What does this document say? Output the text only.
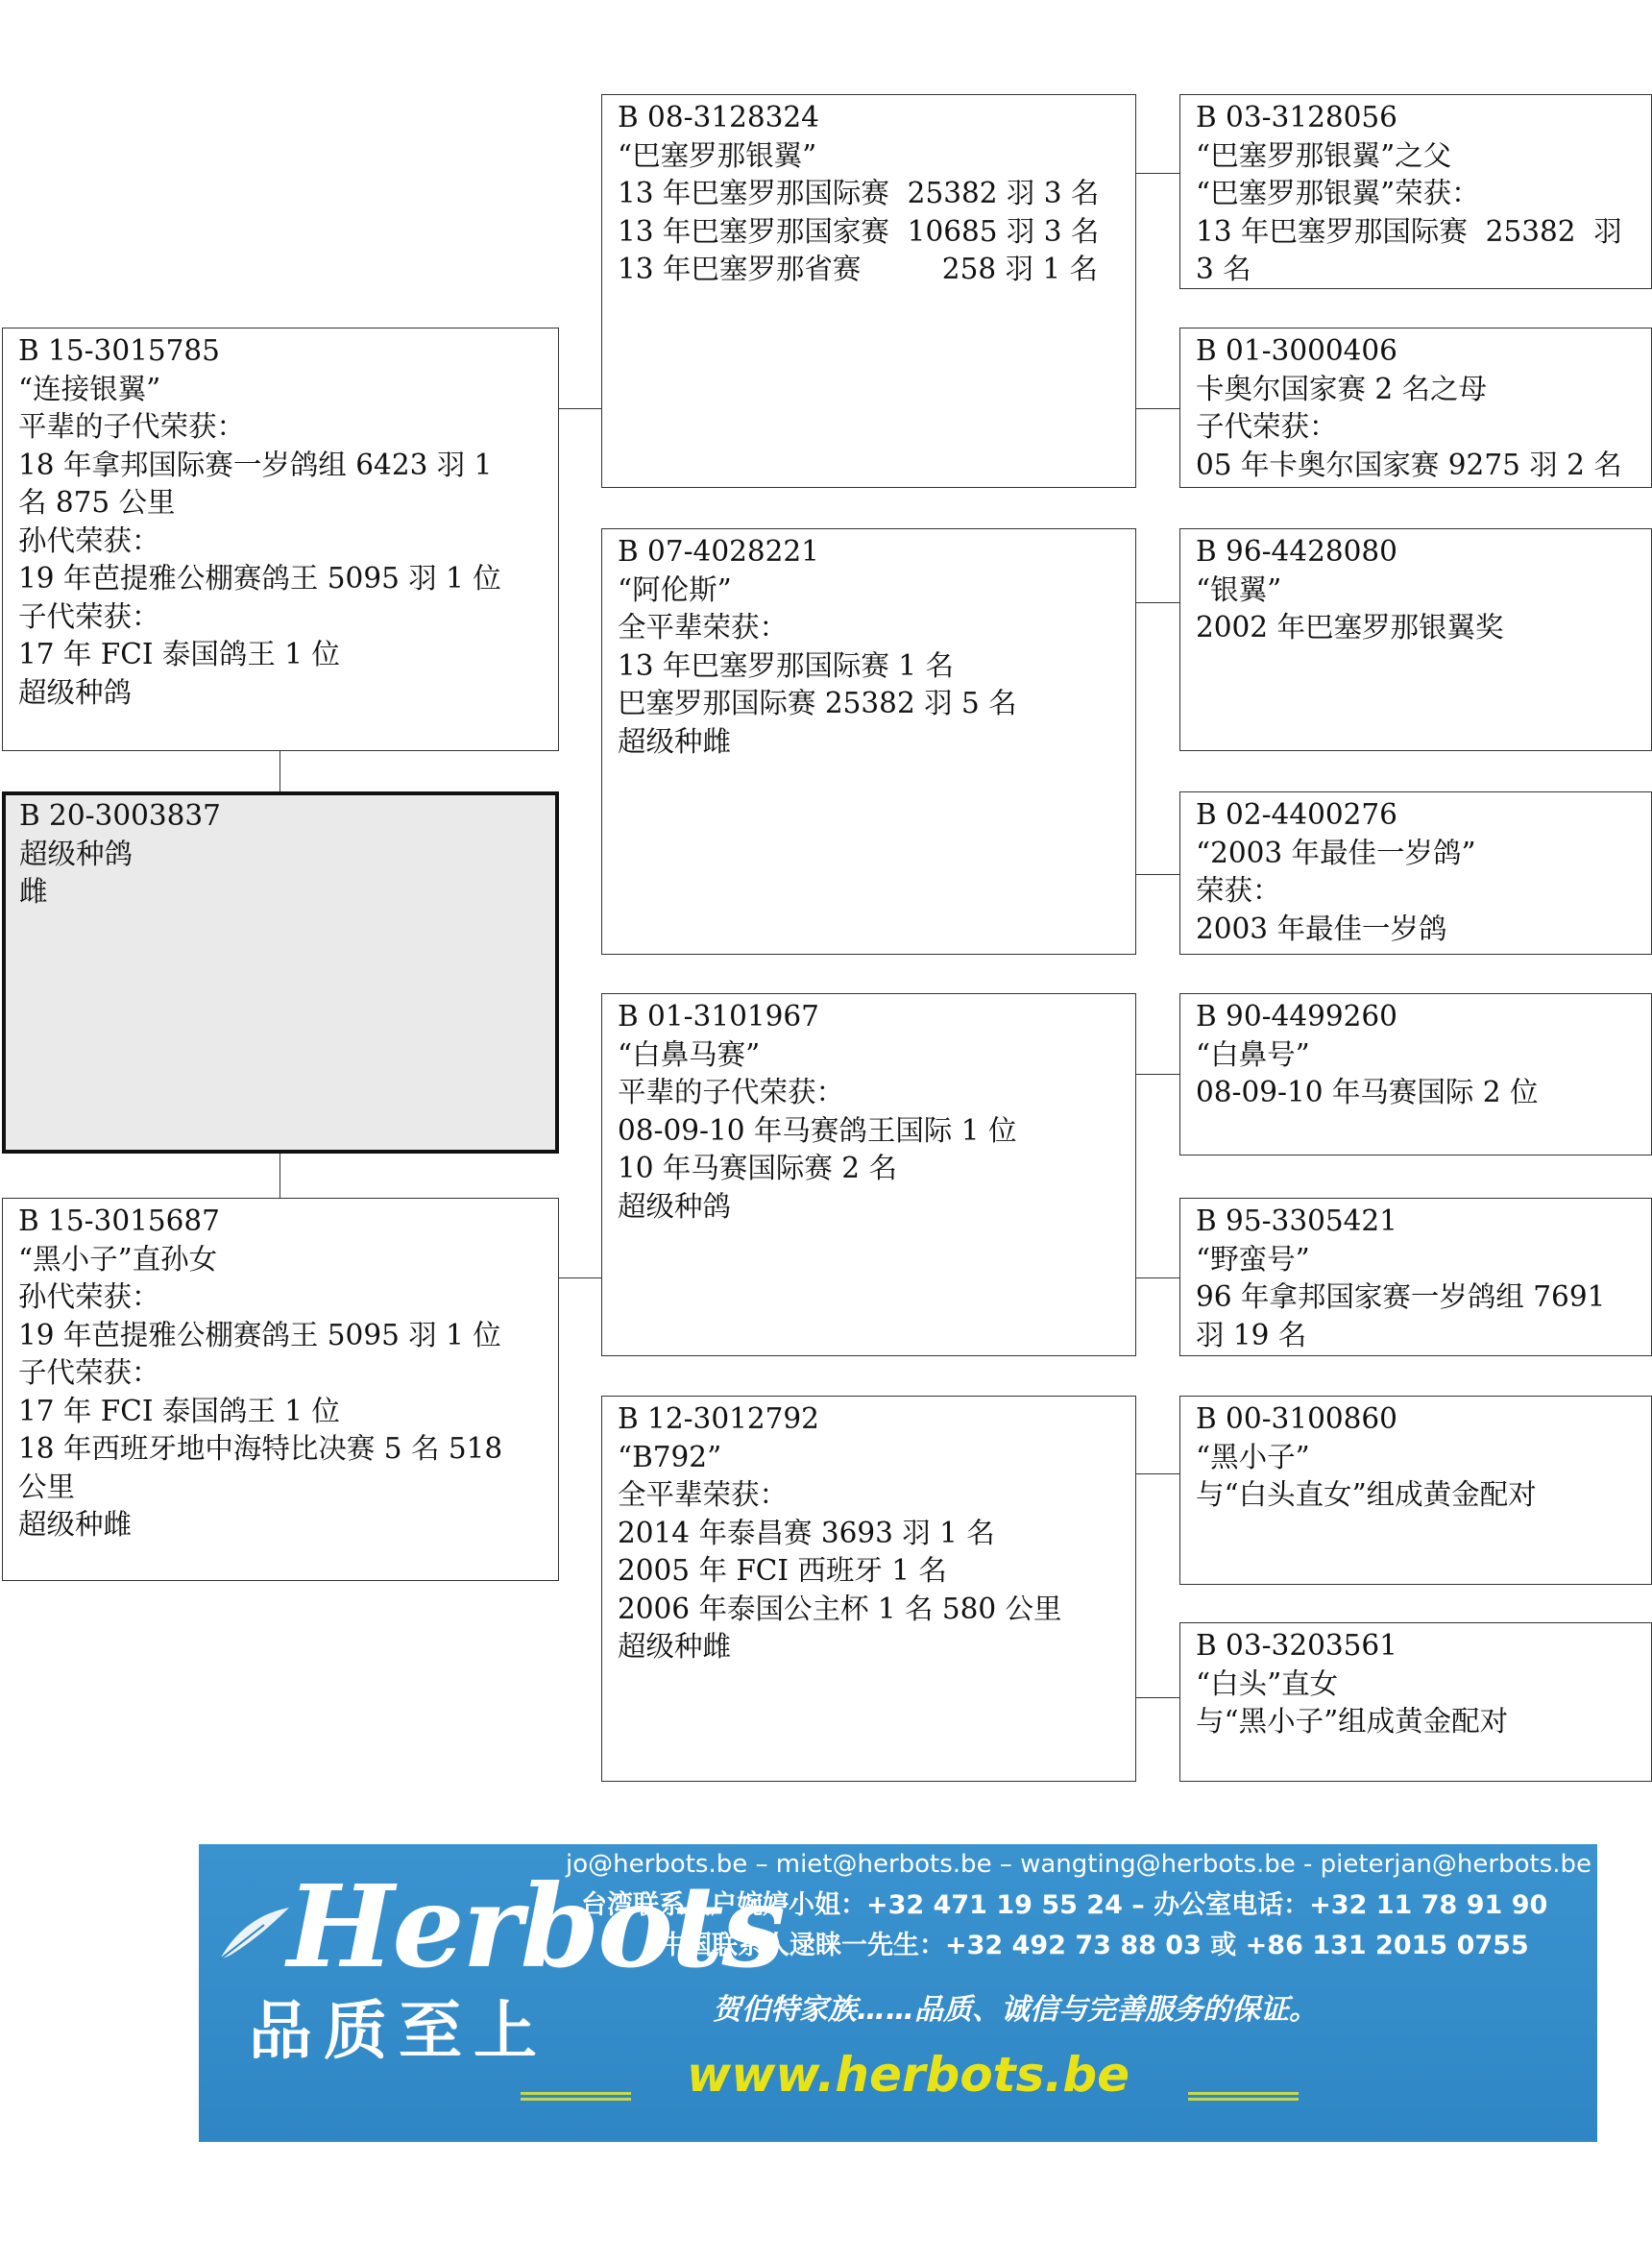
B 15-3015785
“连接银翼”
平辈的子代荣获：
18 年拿邦国际赛一岁鸽组 6423 羽 1
名 875 公里
孙代荣获：
19 年芭提雅公棚赛鸽王 5095 羽 1 位
子代荣获：
17 年 FCI 泰国鸽王 1 位
超级种鸽
B 20-3003837
超级种鸽
雌
B 15-3015687
“黑小子”直孙女
孙代荣获：
19 年芭提雅公棚赛鸽王 5095 羽 1 位
子代荣获：
17 年 FCI 泰国鸽王 1 位
18 年西班牙地中海特比决赛 5 名 518
公里
超级种雌
B 08-3128324
“巴塞罗那银翼”
13 年巴塞罗那国际赛  25382 羽 3 名
13 年巴塞罗那国家赛  10685 羽 3 名
13 年巴塞罗那省赛         258 羽 1 名
B 07-4028221
“阿伦斯”
全平辈荣获：
13 年巴塞罗那国际赛 1 名
巴塞罗那国际赛 25382 羽 5 名
超级种雌
B 01-3101967
“白鼻马赛”
平辈的子代荣获：
08-09-10 年马赛鸽王国际 1 位
10 年马赛国际赛 2 名
超级种鸽
B 12-3012792
“B792”
全平辈荣获：
2014 年泰昌赛 3693 羽 1 名
2005 年 FCI 西班牙 1 名
2006 年泰国公主杯 1 名 580 公里
超级种雌
B 03-3128056
“巴塞罗那银翼”之父
“巴塞罗那银翼”荣获：
13 年巴塞罗那国际赛  25382  羽
3 名
B 01-3000406
卡奥尔国家赛 2 名之母
子代荣获：
05 年卡奥尔国家赛 9275 羽 2 名
B 96-4428080
“银翼”
2002 年巴塞罗那银翼奖
B 02-4400276
“2003 年最佳一岁鸽”
荣获：
2003 年最佳一岁鸽
B 90-4499260
“白鼻号”
08-09-10 年马赛国际 2 位
B 95-3305421
“野蛮号”
96 年拿邦国家赛一岁鸽组 7691
羽 19 名
B 00-3100860
“黑小子”
与“白头直女”组成黄金配对
B 03-3203561
“白头”直女
与“黑小子”组成黄金配对
Herbots
品质至上
jo@herbots.be – miet@herbots.be – wangting@herbots.be - pieterjan@herbots.be
台湾联系人户婉婷小姐：+32 471 19 55 24 – 办公室电话：+32 11 78 91 90
中国联系人逯睐一先生：+32 492 73 88 03 或 +86 131 2015 0755
贺伯特家族……品质、诚信与完善服务的保证。
www.herbots.be
